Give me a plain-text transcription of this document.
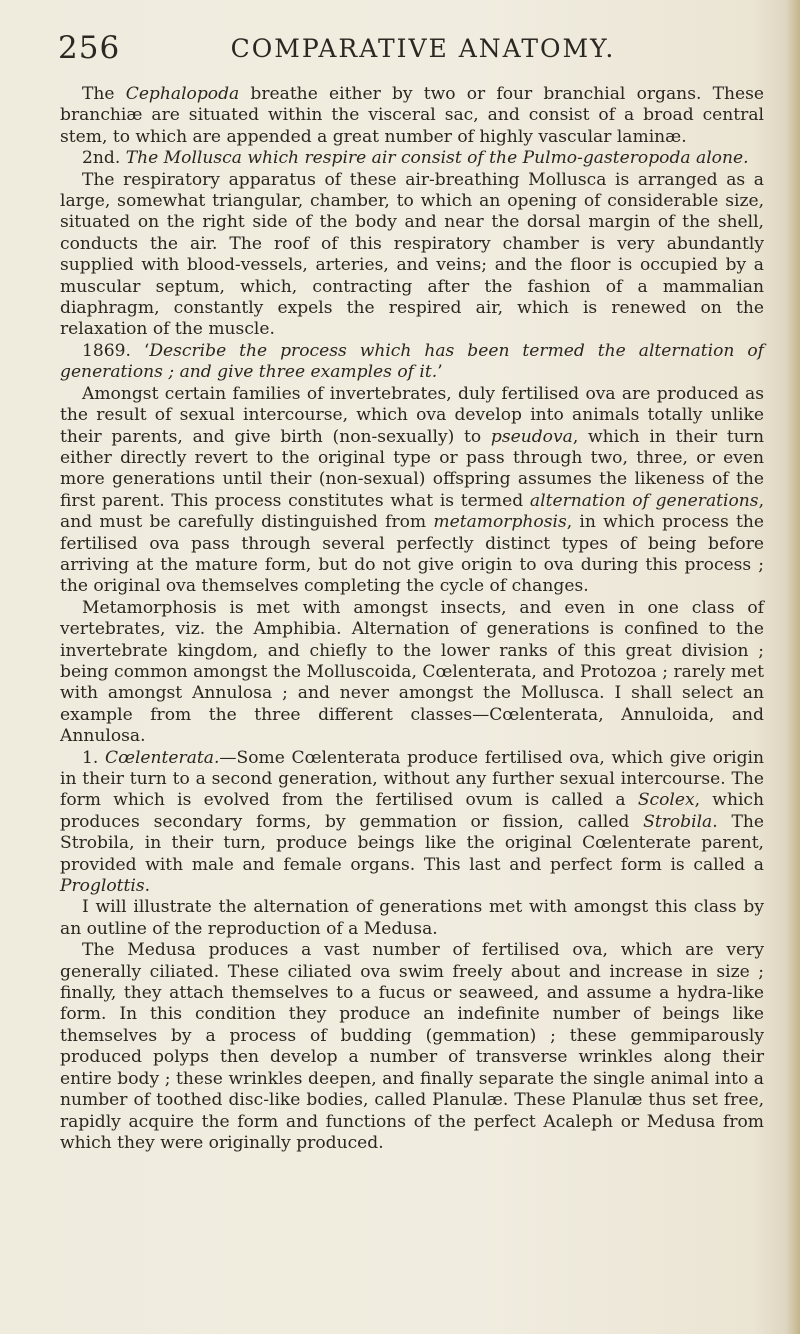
256	COMPARATIVE ANATOMY.

The Cephalopoda breathe either by two or four branchial organs. These branchiæ are situated within the visceral sac, and consist of a broad central stem, to which are appended a great number of highly vascular laminæ.

2nd. The Mollusca which respire air consist of the Pulmo-gasteropoda alone.

The respiratory apparatus of these air-breathing Mollusca is arranged as a large, somewhat triangular, chamber, to which an opening of considerable size, situated on the right side of the body and near the dorsal margin of the shell, conducts the air. The roof of this respiratory chamber is very abundantly supplied with blood-vessels, arteries, and veins; and the floor is occupied by a muscular septum, which, contracting after the fashion of a mammalian diaphragm, constantly expels the respired air, which is renewed on the relaxation of the muscle.

1869. ‘Describe the process which has been termed the alternation of generations ; and give three examples of it.’

Amongst certain families of invertebrates, duly fertilised ova are produced as the result of sexual intercourse, which ova develop into animals totally unlike their parents, and give birth (non-sexually) to pseudova, which in their turn either directly revert to the original type or pass through two, three, or even more generations until their (non-sexual) offspring assumes the likeness of the first parent. This process constitutes what is termed alternation of generations, and must be carefully distinguished from metamorphosis, in which process the fertilised ova pass through several perfectly distinct types of being before arriving at the mature form, but do not give origin to ova during this process ; the original ova themselves completing the cycle of changes.

Metamorphosis is met with amongst insects, and even in one class of vertebrates, viz. the Amphibia. Alternation of generations is confined to the invertebrate kingdom, and chiefly to the lower ranks of this great division ; being common amongst the Molluscoida, Cœlenterata, and Protozoa ; rarely met with amongst Annulosa ; and never amongst the Mollusca. I shall select an example from the three different classes—Cœlenterata, Annuloida, and Annulosa.

1. Cœlenterata.—Some Cœlenterata produce fertilised ova, which give origin in their turn to a second generation, without any further sexual intercourse. The form which is evolved from the fertilised ovum is called a Scolex, which produces secondary forms, by gemmation or fission, called Strobila. The Strobila, in their turn, produce beings like the original Cœlenterate parent, provided with male and female organs. This last and perfect form is called a Proglottis.

I will illustrate the alternation of generations met with amongst this class by an outline of the reproduction of a Medusa.

The Medusa produces a vast number of fertilised ova, which are very generally ciliated. These ciliated ova swim freely about and increase in size ; finally, they attach themselves to a fucus or seaweed, and assume a hydra-like form. In this condition they produce an indefinite number of beings like themselves by a process of budding (gemmation) ; these gemmiparously produced polyps then develop a number of transverse wrinkles along their entire body ; these wrinkles deepen, and finally separate the single animal into a number of toothed disc-like bodies, called Planulæ. These Planulæ thus set free, rapidly acquire the form and functions of the perfect Acaleph or Medusa from which they were originally produced.
